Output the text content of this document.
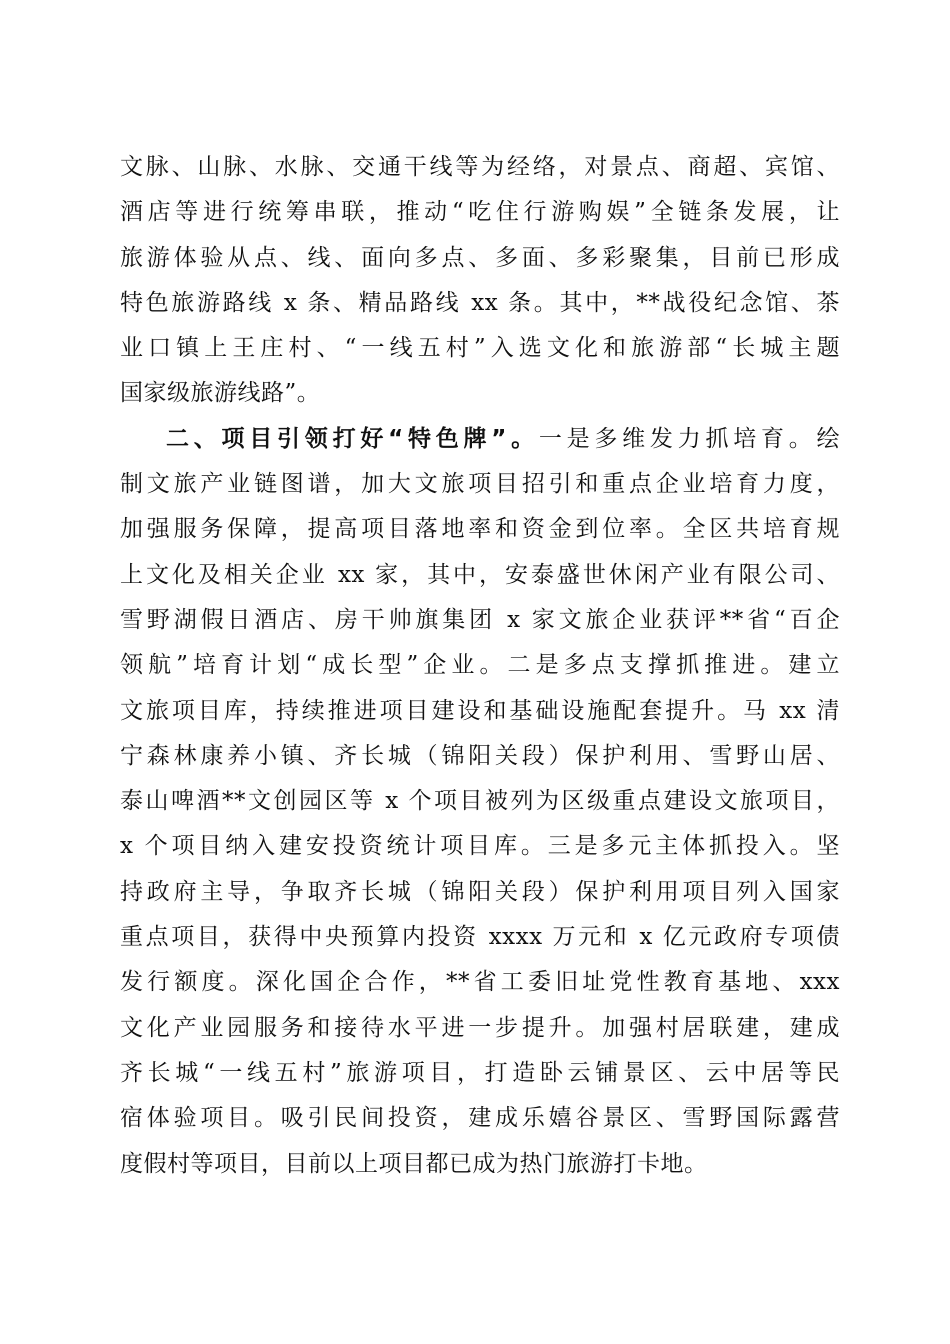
文脉、山脉、水脉、交通干线等为经络，对景点、商超、宾馆、
酒店等进行统筹串联，推动“吃住行游购娱”全链条发展，让
旅游体验从点、线、面向多点、多面、多彩聚集，目前已形成
特色旅游路线 x 条、精品路线 xx 条。其中，**战役纪念馆、茶
业口镇上王庄村、“一线五村”入选文化和旅游部“长城主题
国家级旅游线路”。
二、项目引领打好“特色牌”。一是多维发力抓培育。绘
制文旅产业链图谱，加大文旅项目招引和重点企业培育力度，
加强服务保障，提高项目落地率和资金到位率。全区共培育规
上文化及相关企业 xx 家，其中，安泰盛世休闲产业有限公司、
雪野湖假日酒店、房干帅旗集团 x 家文旅企业获评**省“百企
领航”培育计划“成长型”企业。二是多点支撑抓推进。建立
文旅项目库，持续推进项目建设和基础设施配套提升。马 xx 清
宁森林康养小镇、齐长城（锦阳关段）保护利用、雪野山居、
泰山啤酒**文创园区等 x 个项目被列为区级重点建设文旅项目，
x 个项目纳入建安投资统计项目库。三是多元主体抓投入。坚
持政府主导，争取齐长城（锦阳关段）保护利用项目列入国家
重点项目，获得中央预算内投资 xxxx 万元和 x 亿元政府专项债
发行额度。深化国企合作，**省工委旧址党性教育基地、xxx
文化产业园服务和接待水平进一步提升。加强村居联建，建成
齐长城“一线五村”旅游项目，打造卧云铺景区、云中居等民
宿体验项目。吸引民间投资，建成乐嬉谷景区、雪野国际露营
度假村等项目，目前以上项目都已成为热门旅游打卡地。
